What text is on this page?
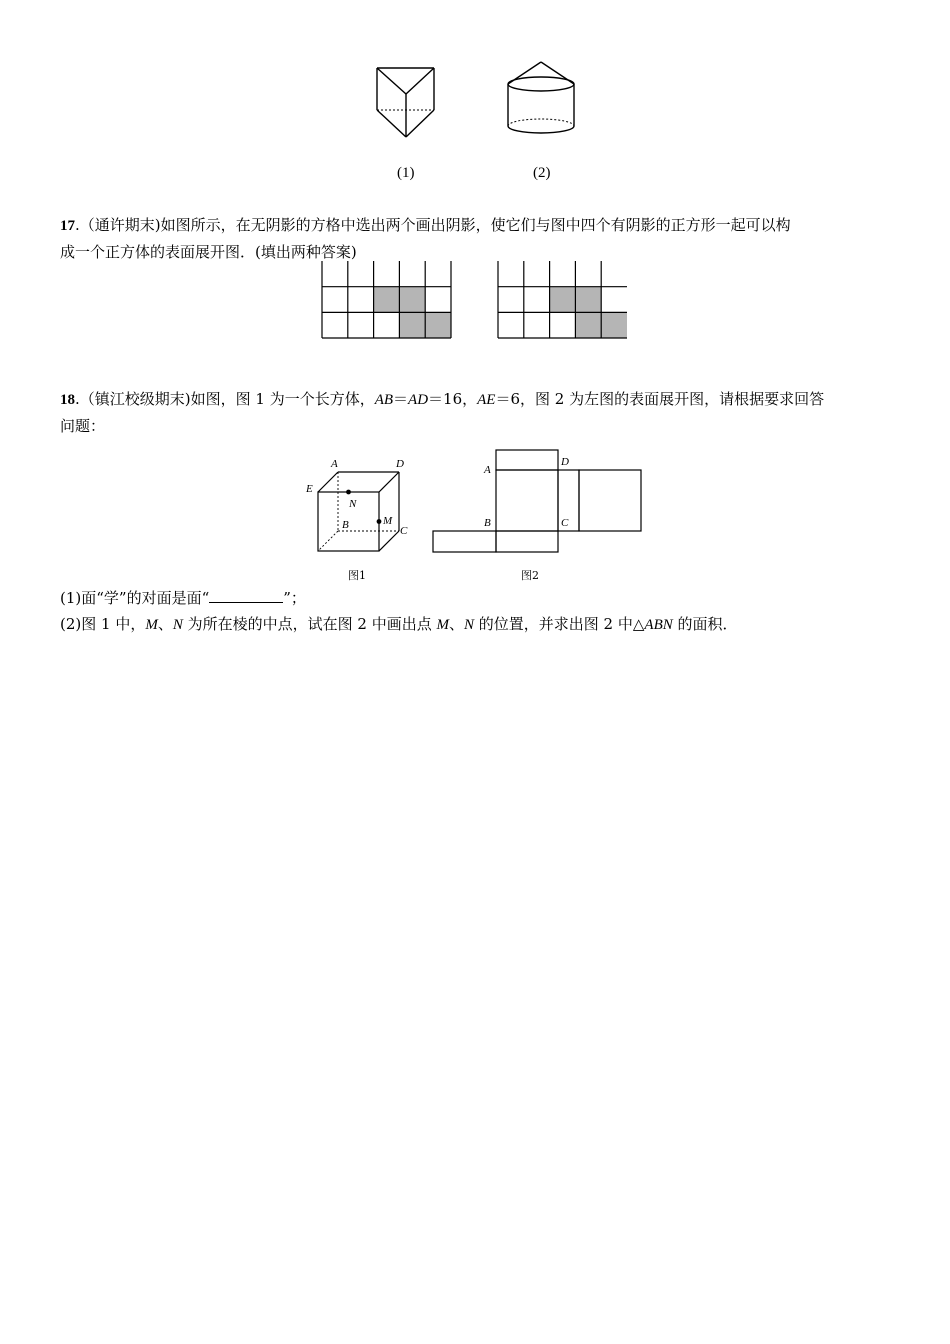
(1)	(2)
17.（通许期末)如图所示，在无阴影的方格中选出两个画出阴影，使它们与图中四个有阴影的正方形一起可以构
成一个正方体的表面展开图．(填出两种答案)
18.（镇江校级期末)如图，图 1 为一个长方体，AB＝AD＝16，AE＝6，图 2 为左图的表面展开图，请根据要求回答
问题：
A	D
E
N
B	M
C
图1
A
D
B	C
图2
(1)面“学”的对面是面“	”；
(2)图 1 中，M、N 为所在棱的中点，试在图 2 中画出点 M、N 的位置，并求出图 2 中△ABN 的面积．
